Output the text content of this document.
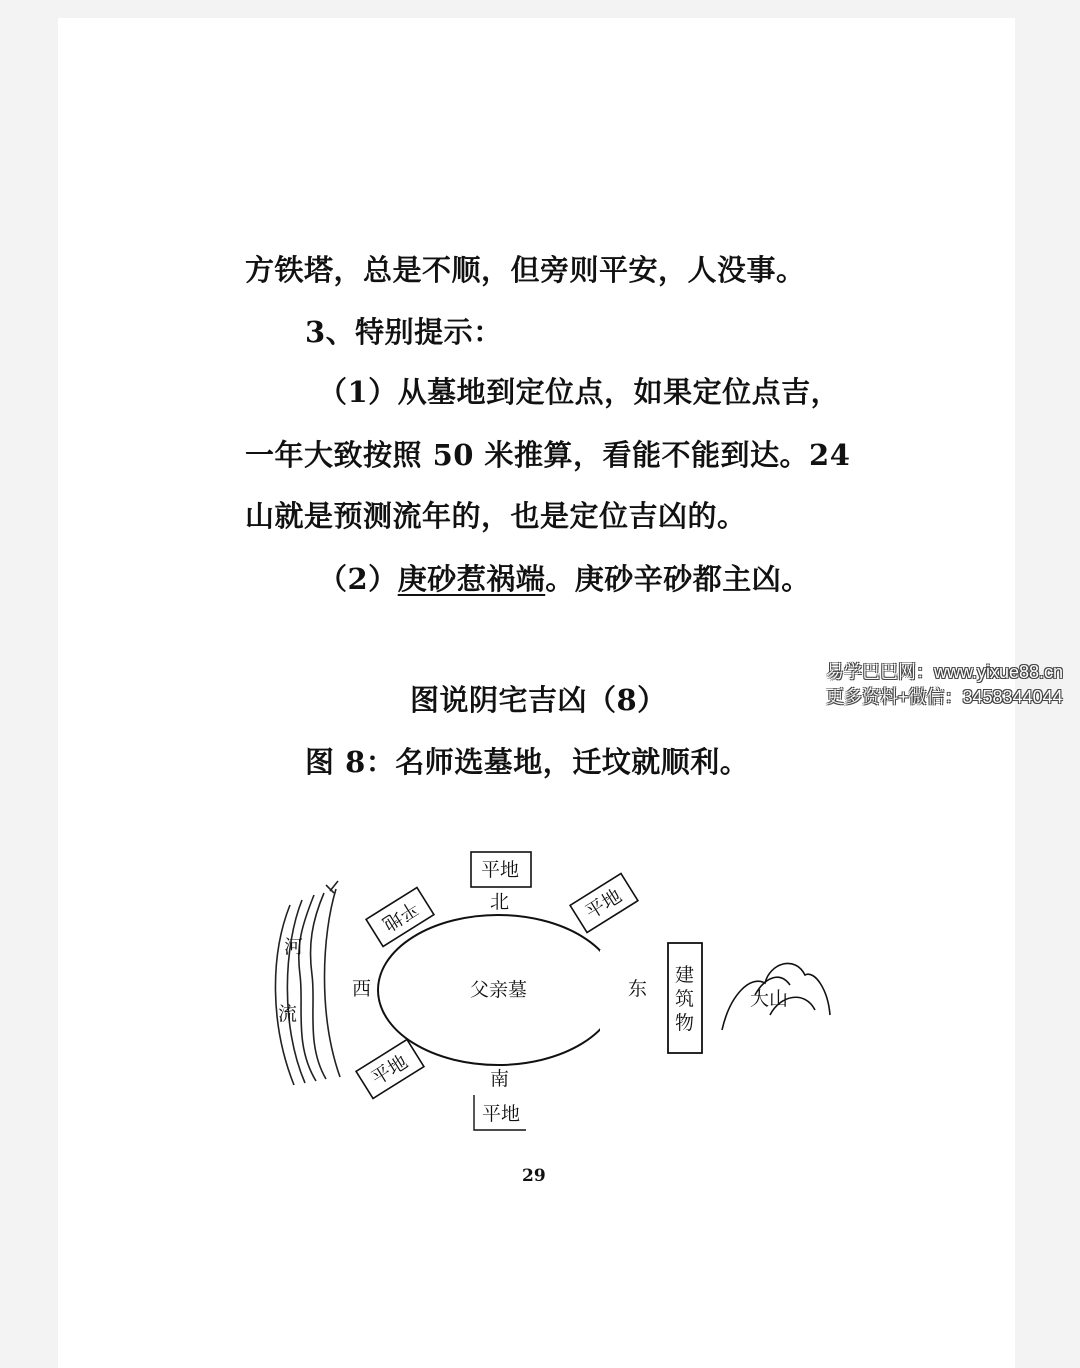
方铁塔，总是不顺，但旁则平安，人没事。
3、特别提示：
（1）从墓地到定位点，如果定位点吉，
一年大致按照 50 米推算，看能不能到达。24
山就是预测流年的，也是定位吉凶的。
（2）庚砂惹祸端。庚砂辛砂都主凶。
图说阴宅吉凶（8）
图 8：名师选墓地，迁坟就顺利。
易学巴巴网：www.yixue88.cn
更多资料+微信：3458344044
河
流
父亲墓
北
南
西	东
平地
平地
平地
平地
平地
建
筑
物
大山
29
